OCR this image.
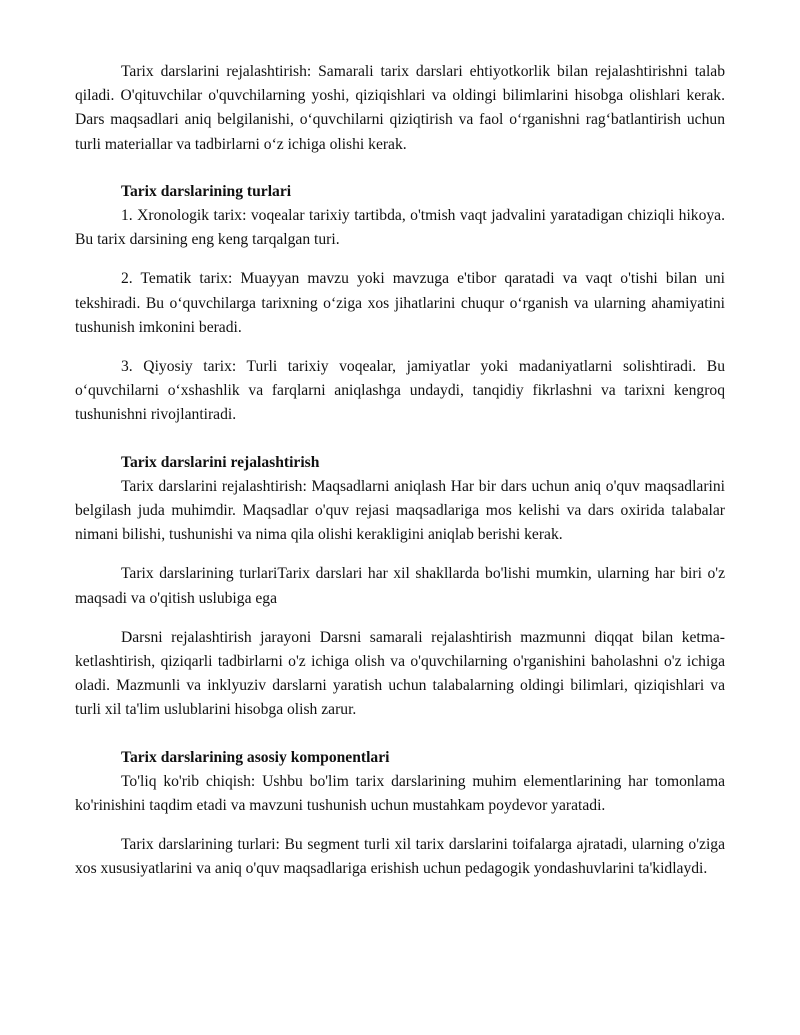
Tarix darslarini rejalashtirish: Samarali tarix darslari ehtiyotkorlik bilan rejalashtirishni talab qiladi. O'qituvchilar o'quvchilarning yoshi, qiziqishlari va oldingi bilimlarini hisobga olishlari kerak. Dars maqsadlari aniq belgilanishi, o‘quvchilarni qiziqtirish va faol o‘rganishni rag‘batlantirish uchun turli materiallar va tadbirlarni o‘z ichiga olishi kerak.

Tarix darslarining turlari

1. Xronologik tarix: voqealar tarixiy tartibda, o'tmish vaqt jadvalini yaratadigan chiziqli hikoya. Bu tarix darsining eng keng tarqalgan turi.

2. Tematik tarix: Muayyan mavzu yoki mavzuga e'tibor qaratadi va vaqt o'tishi bilan uni tekshiradi. Bu o‘quvchilarga tarixning o‘ziga xos jihatlarini chuqur o‘rganish va ularning ahamiyatini tushunish imkonini beradi.

3. Qiyosiy tarix: Turli tarixiy voqealar, jamiyatlar yoki madaniyatlarni solishtiradi. Bu o‘quvchilarni o‘xshashlik va farqlarni aniqlashga undaydi, tanqidiy fikrlashni va tarixni kengroq tushunishni rivojlantiradi.

Tarix darslarini rejalashtirish

Tarix darslarini rejalashtirish: Maqsadlarni aniqlash Har bir dars uchun aniq o'quv maqsadlarini belgilash juda muhimdir. Maqsadlar o'quv rejasi maqsadlariga mos kelishi va dars oxirida talabalar nimani bilishi, tushunishi va nima qila olishi kerakligini aniqlab berishi kerak.

Tarix darslarining turlariTarix darslari har xil shakllarda bo'lishi mumkin, ularning har biri o'z maqsadi va o'qitish uslubiga ega

Darsni rejalashtirish jarayoni Darsni samarali rejalashtirish mazmunni diqqat bilan ketma-ketlashtirish, qiziqarli tadbirlarni o'z ichiga olish va o'quvchilarning o'rganishini baholashni o'z ichiga oladi. Mazmunli va inklyuziv darslarni yaratish uchun talabalarning oldingi bilimlari, qiziqishlari va turli xil ta'lim uslublarini hisobga olish zarur.

Tarix darslarining asosiy komponentlari

To'liq ko'rib chiqish: Ushbu bo'lim tarix darslarining muhim elementlarining har tomonlama ko'rinishini taqdim etadi va mavzuni tushunish uchun mustahkam poydevor yaratadi.

Tarix darslarining turlari: Bu segment turli xil tarix darslarini toifalarga ajratadi, ularning o'ziga xos xususiyatlarini va aniq o'quv maqsadlariga erishish uchun pedagogik yondashuvlarini ta'kidlaydi.
